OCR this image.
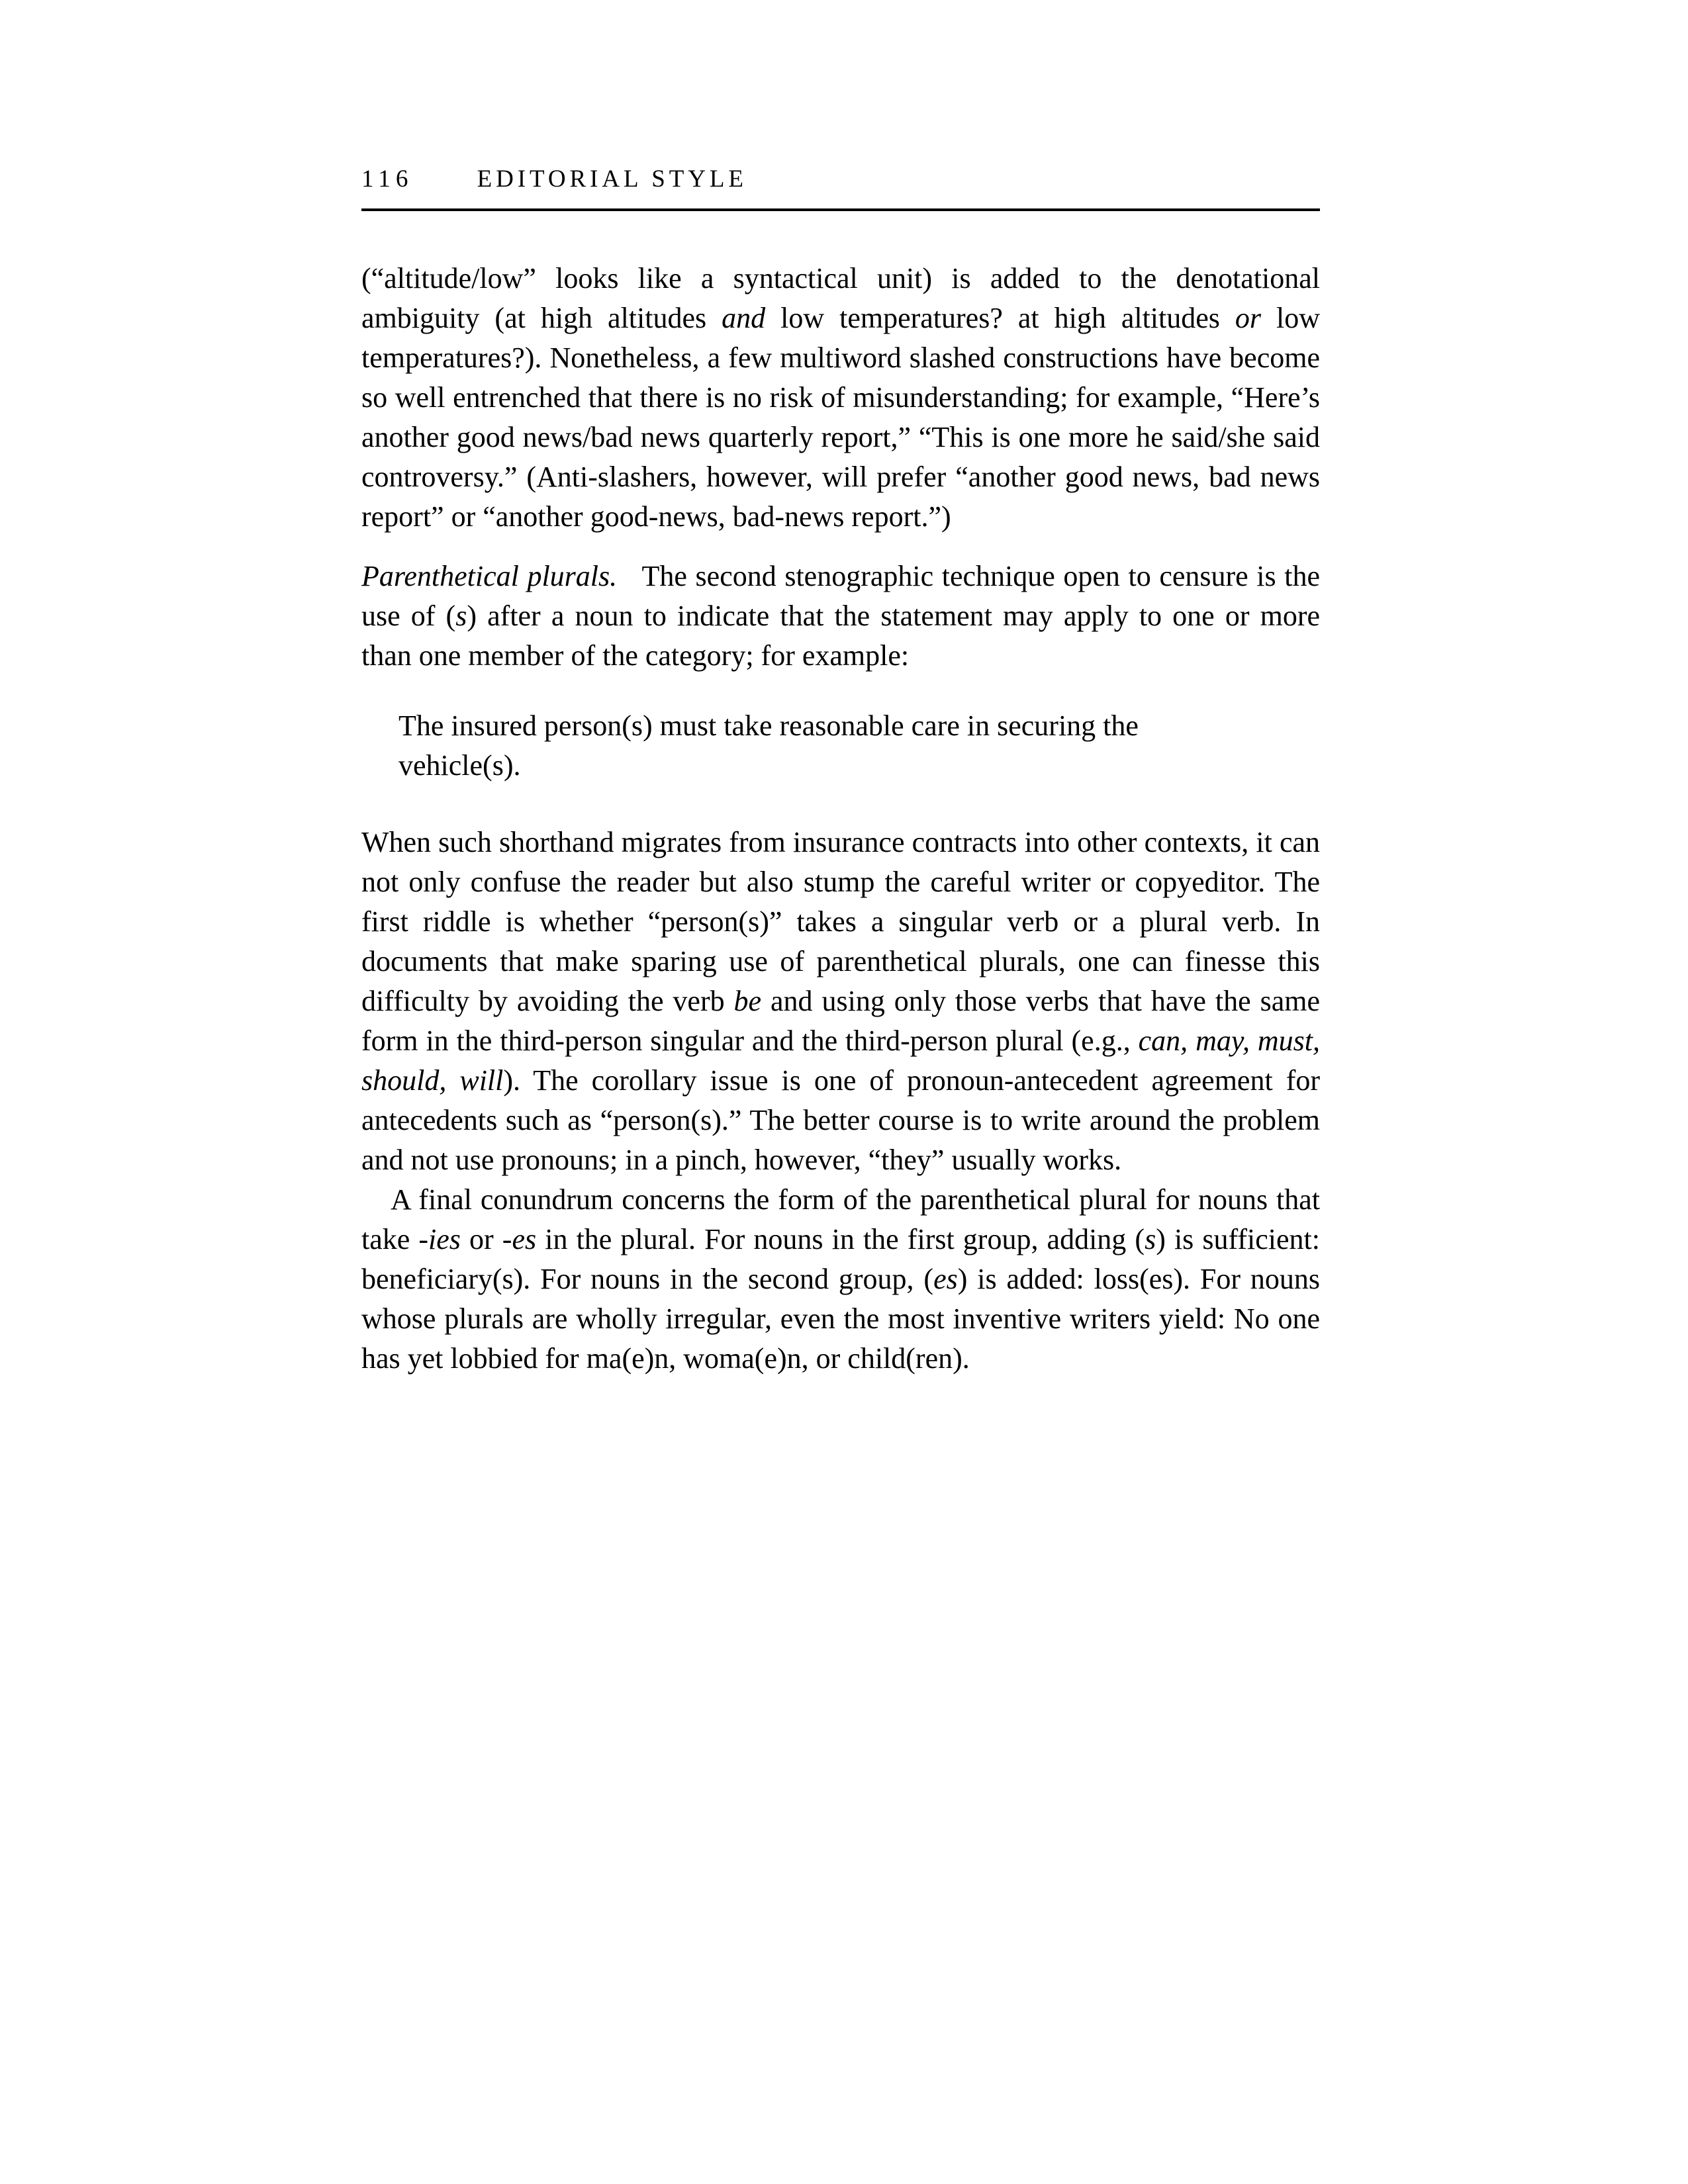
116	EDITORIAL STYLE

(“altitude/low” looks like a syntactical unit) is added to the denotational ambiguity (at high altitudes and low temperatures? at high altitudes or low temperatures?). Nonetheless, a few multiword slashed constructions have become so well entrenched that there is no risk of misunderstanding; for example, “Here’s another good news/bad news quarterly report,” “This is one more he said/she said controversy.” (Anti-slashers, however, will prefer “another good news, bad news report” or “another good-news, bad-news report.”)

Parenthetical plurals. The second stenographic technique open to censure is the use of (s) after a noun to indicate that the statement may apply to one or more than one member of the category; for example:

The insured person(s) must take reasonable care in securing the
vehicle(s).

When such shorthand migrates from insurance contracts into other contexts, it can not only confuse the reader but also stump the careful writer or copyeditor. The first riddle is whether “person(s)” takes a singular verb or a plural verb. In documents that make sparing use of parenthetical plurals, one can finesse this difficulty by avoiding the verb be and using only those verbs that have the same form in the third-person singular and the third-person plural (e.g., can, may, must, should, will). The corollary issue is one of pronoun-antecedent agreement for antecedents such as “person(s).” The better course is to write around the problem and not use pronouns; in a pinch, however, “they” usually works.

A final conundrum concerns the form of the parenthetical plural for nouns that take -ies or -es in the plural. For nouns in the first group, adding (s) is sufficient: beneficiary(s). For nouns in the second group, (es) is added: loss(es). For nouns whose plurals are wholly irregular, even the most inventive writers yield: No one has yet lobbied for ma(e)n, woma(e)n, or child(ren).
